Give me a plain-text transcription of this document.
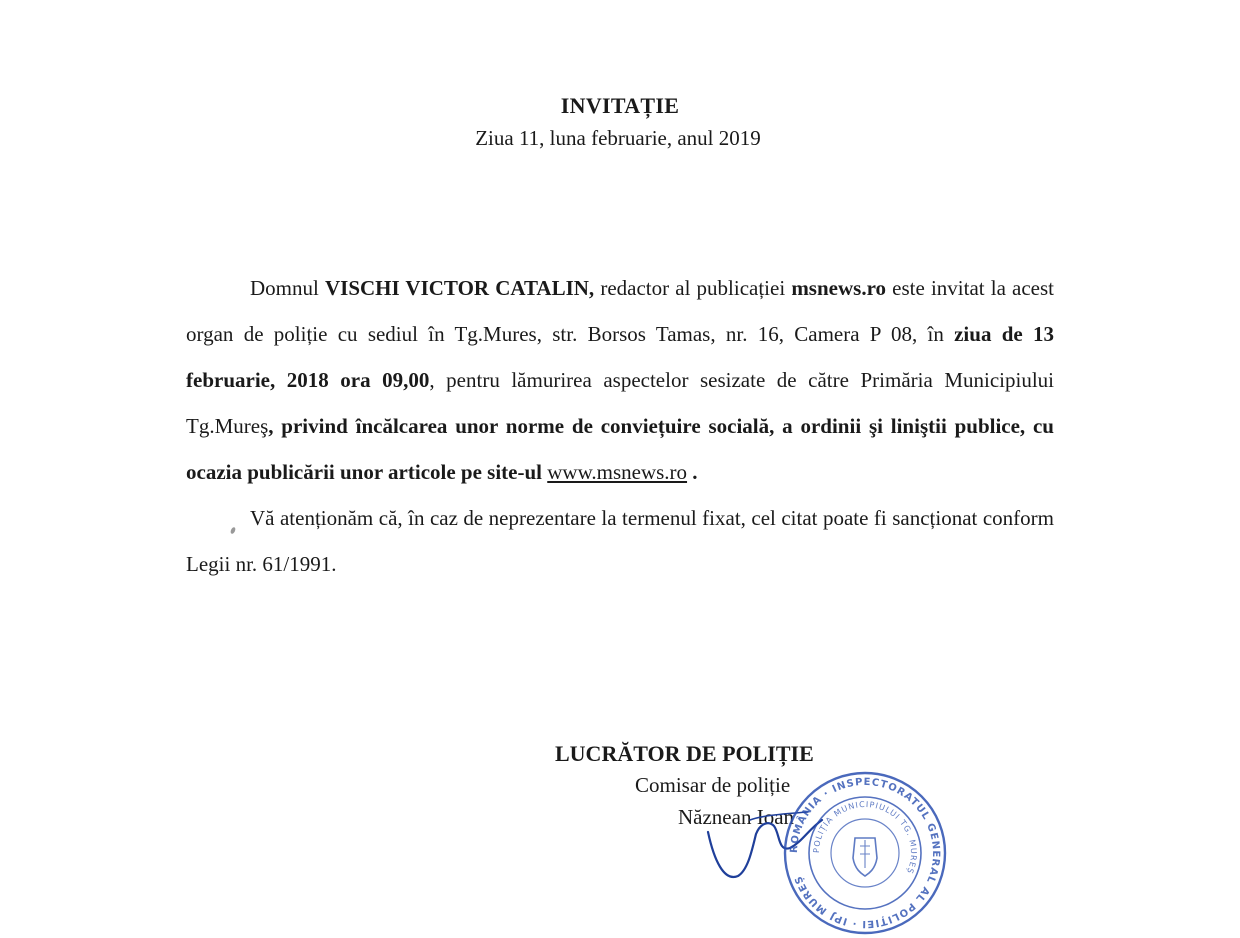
INVITAȚIE
Ziua 11, luna februarie, anul 2019

Domnul VISCHI VICTOR CATALIN, redactor al publicației msnews.ro este invitat la acest organ de poliție cu sediul în Tg.Mures, str. Borsos Tamas, nr. 16, Camera P 08, în ziua de 13 februarie, 2018 ora 09,00, pentru lămurirea aspectelor sesizate de către Primăria Municipiului Tg.Mureş, privind încălcarea unor norme de conviețuire socială, a ordinii şi liniştii publice, cu ocazia publicării unor articole pe site-ul www.msnews.ro .

Vă atenționăm că, în caz de neprezentare la termenul fixat, cel citat poate fi sancționat conform Legii nr. 61/1991.

LUCRĂTOR DE POLIȚIE
Comisar de poliție
Năznean Ioan
ROMÂNIA · INSPECTORATUL GENERAL AL POLIȚIEI · IPJ MUREȘ
POLIȚIA MUNICIPIULUI TG. MUREȘ
